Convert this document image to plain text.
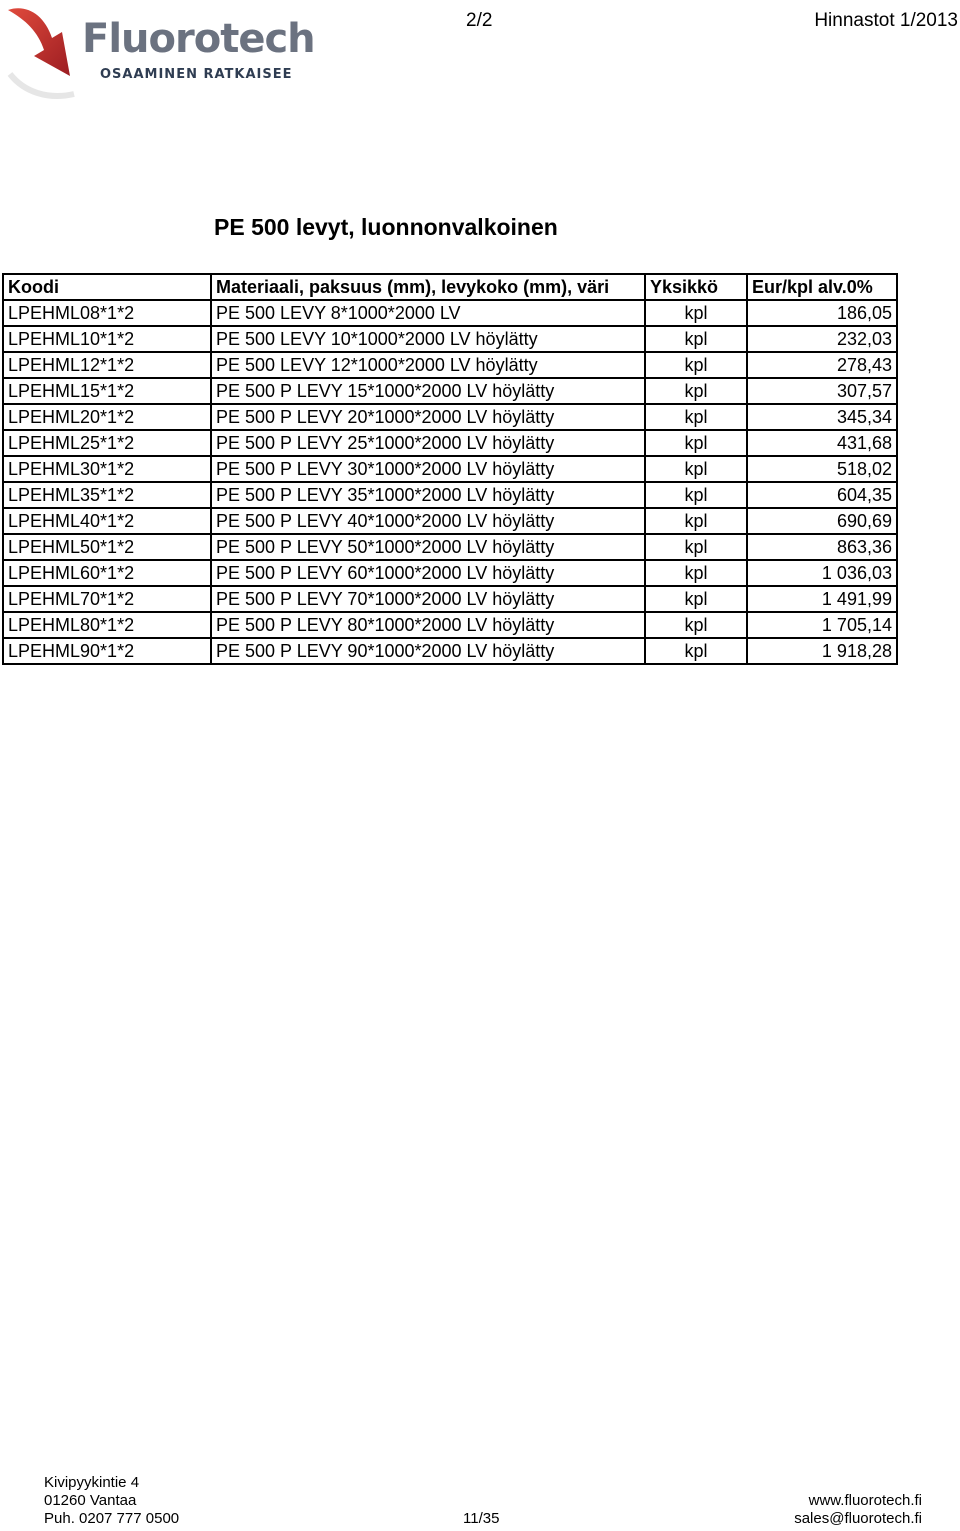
Fluorotech
OSAAMINEN RATKAISEE
2/2	Hinnastot 1/2013
PE 500 levyt, luonnonvalkoinen
Koodi	Materiaali, paksuus (mm), levykoko (mm), väri	Yksikkö	Eur/kpl alv.0%
LPEHML08*1*2	PE 500 LEVY 8*1000*2000 LV	kpl	186,05
LPEHML10*1*2	PE 500 LEVY 10*1000*2000 LV höylätty	kpl	232,03
LPEHML12*1*2	PE 500 LEVY 12*1000*2000 LV höylätty	kpl	278,43
LPEHML15*1*2	PE 500 P LEVY 15*1000*2000 LV höylätty	kpl	307,57
LPEHML20*1*2	PE 500 P LEVY 20*1000*2000 LV höylätty	kpl	345,34
LPEHML25*1*2	PE 500 P LEVY 25*1000*2000 LV höylätty	kpl	431,68
LPEHML30*1*2	PE 500 P LEVY 30*1000*2000 LV höylätty	kpl	518,02
LPEHML35*1*2	PE 500 P LEVY 35*1000*2000 LV höylätty	kpl	604,35
LPEHML40*1*2	PE 500 P LEVY 40*1000*2000 LV höylätty	kpl	690,69
LPEHML50*1*2	PE 500 P LEVY 50*1000*2000 LV höylätty	kpl	863,36
LPEHML60*1*2	PE 500 P LEVY 60*1000*2000 LV höylätty	kpl	1 036,03
LPEHML70*1*2	PE 500 P LEVY 70*1000*2000 LV höylätty	kpl	1 491,99
LPEHML80*1*2	PE 500 P LEVY 80*1000*2000 LV höylätty	kpl	1 705,14
LPEHML90*1*2	PE 500 P LEVY 90*1000*2000 LV höylätty	kpl	1 918,28
Kivipyykintie 4
01260 Vantaa
Puh. 0207 777 0500	11/35
www.fluorotech.fi
sales@fluorotech.fi
